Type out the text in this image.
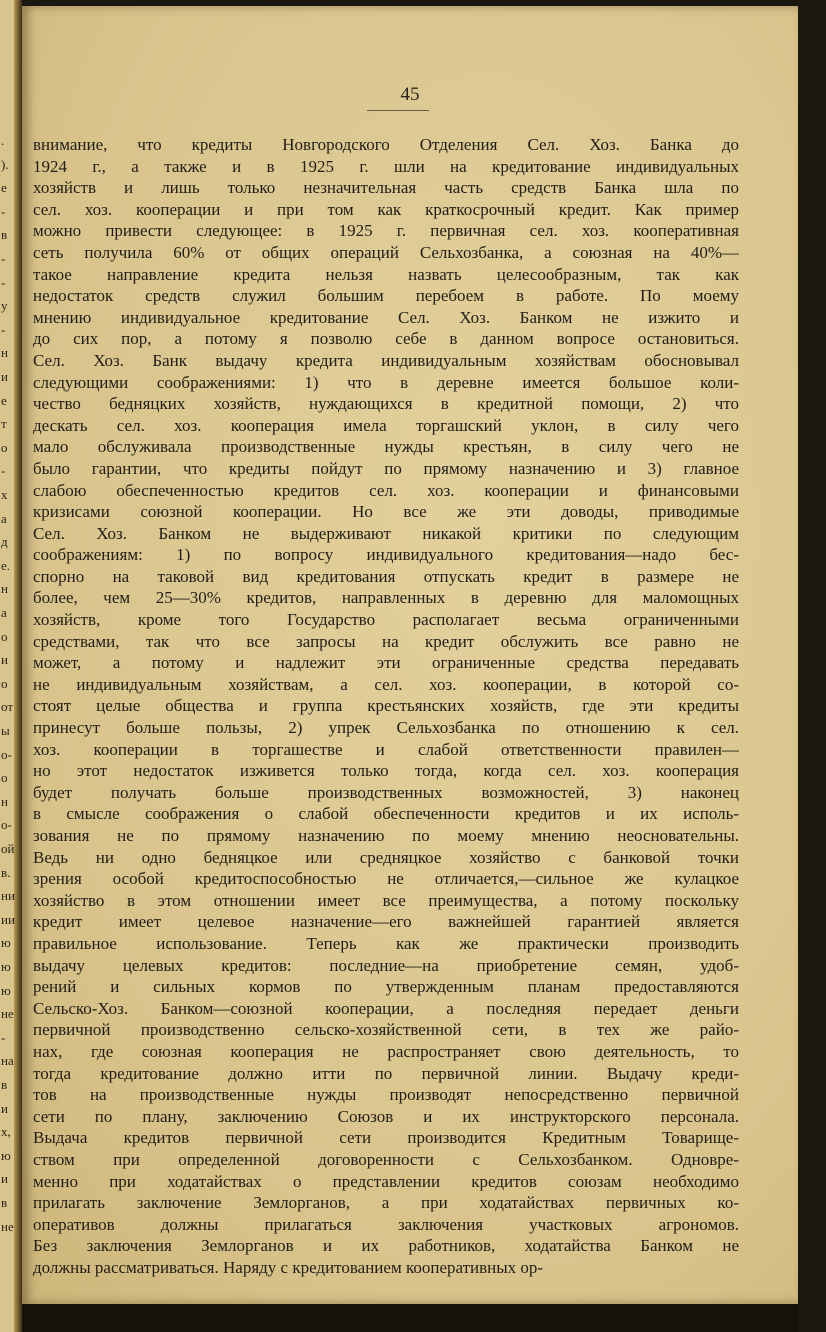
.
).
е
-
в
-
-
у
-
н
и
е
т
о
-
х
а
д
е.
н
а
о
и
о
от
ы
о-
о
н
о-
ой
в.
ни
ии
ю
ю
ю
не
-
на
в
и
х,
ю
и
в
не
45
внимание, что кредиты Новгородского Отделения Сел. Хоз. Банка до
1924 г., а также и в 1925 г. шли на кредитование индивидуальных
хозяйств и лишь только незначительная часть средств Банка шла по
сел. хоз. кооперации и при том как краткосрочный кредит. Как пример
можно привести следующее: в 1925 г. первичная сел. хоз. кооперативная
сеть получила 60% от общих операций Сельхозбанка, а союзная на 40%—
такое направление кредита нельзя назвать целесообразным, так как
недостаток средств служил большим перебоем в работе. По моему
мнению индивидуальное кредитование Сел. Хоз. Банком не изжито и
до сих пор, а потому я позволю себе в данном вопросе остановиться.
Сел. Хоз. Банк выдачу кредита индивидуальным хозяйствам обосновывал
следующими соображениями: 1) что в деревне имеется большое коли-
чество бедняцких хозяйств, нуждающихся в кредитной помощи, 2) что
дескать сел. хоз. кооперация имела торгашский уклон, в силу чего
мало обслуживала производственные нужды крестьян, в силу чего не
было гарантии, что кредиты пойдут по прямому назначению и 3) главное
слабою обеспеченностью кредитов сел. хоз. кооперации и финансовыми
кризисами союзной кооперации. Но все же эти доводы, приводимые
Сел. Хоз. Банком не выдерживают никакой критики по следующим
соображениям: 1) по вопросу индивидуального кредитования—надо бес-
спорно на таковой вид кредитования отпускать кредит в размере не
более, чем 25—30% кредитов, направленных в деревню для маломощных
хозяйств, кроме того Государство располагает весьма ограниченными
средствами, так что все запросы на кредит обслужить все равно не
может, а потому и надлежит эти ограниченные средства передавать
не индивидуальным хозяйствам, а сел. хоз. кооперации, в которой со-
стоят целые общества и группа крестьянских хозяйств, где эти кредиты
принесут больше пользы, 2) упрек Сельхозбанка по отношению к сел.
хоз. кооперации в торгашестве и слабой ответственности правилен—
но этот недостаток изживется только тогда, когда сел. хоз. кооперация
будет получать больше производственных возможностей, 3) наконец
в смысле соображения о слабой обеспеченности кредитов и их исполь-
зования не по прямому назначению по моему мнению неосновательны.
Ведь ни одно бедняцкое или средняцкое хозяйство с банковой точки
зрения особой кредитоспособностью не отличается,—сильное же кулацкое
хозяйство в этом отношении имеет все преимущества, а потому поскольку
кредит имеет целевое назначение—его важнейшей гарантией является
правильное использование. Теперь как же практически производить
выдачу целевых кредитов: последние—на приобретение семян, удоб-
рений и сильных кормов по утвержденным планам предоставляются
Сельско-Хоз. Банком—союзной кооперации, а последняя передает деньги
первичной производственно сельско-хозяйственной сети, в тех же райо-
нах, где союзная кооперация не распространяет свою деятельность, то
тогда кредитование должно итти по первичной линии. Выдачу креди-
тов на производственные нужды производят непосредственно первичной
сети по плану, заключению Союзов и их инструкторского персонала.
Выдача кредитов первичной сети производится Кредитным Товарище-
ством при определенной договоренности с Сельхозбанком. Одновре-
менно при ходатайствах о представлении кредитов союзам необходимо
прилагать заключение Землорганов, а при ходатайствах первичных ко-
оперативов должны прилагаться заключения участковых агрономов.
Без заключения Землорганов и их работников, ходатайства Банком не
должны рассматриваться. Наряду с кредитованием кооперативных ор-
